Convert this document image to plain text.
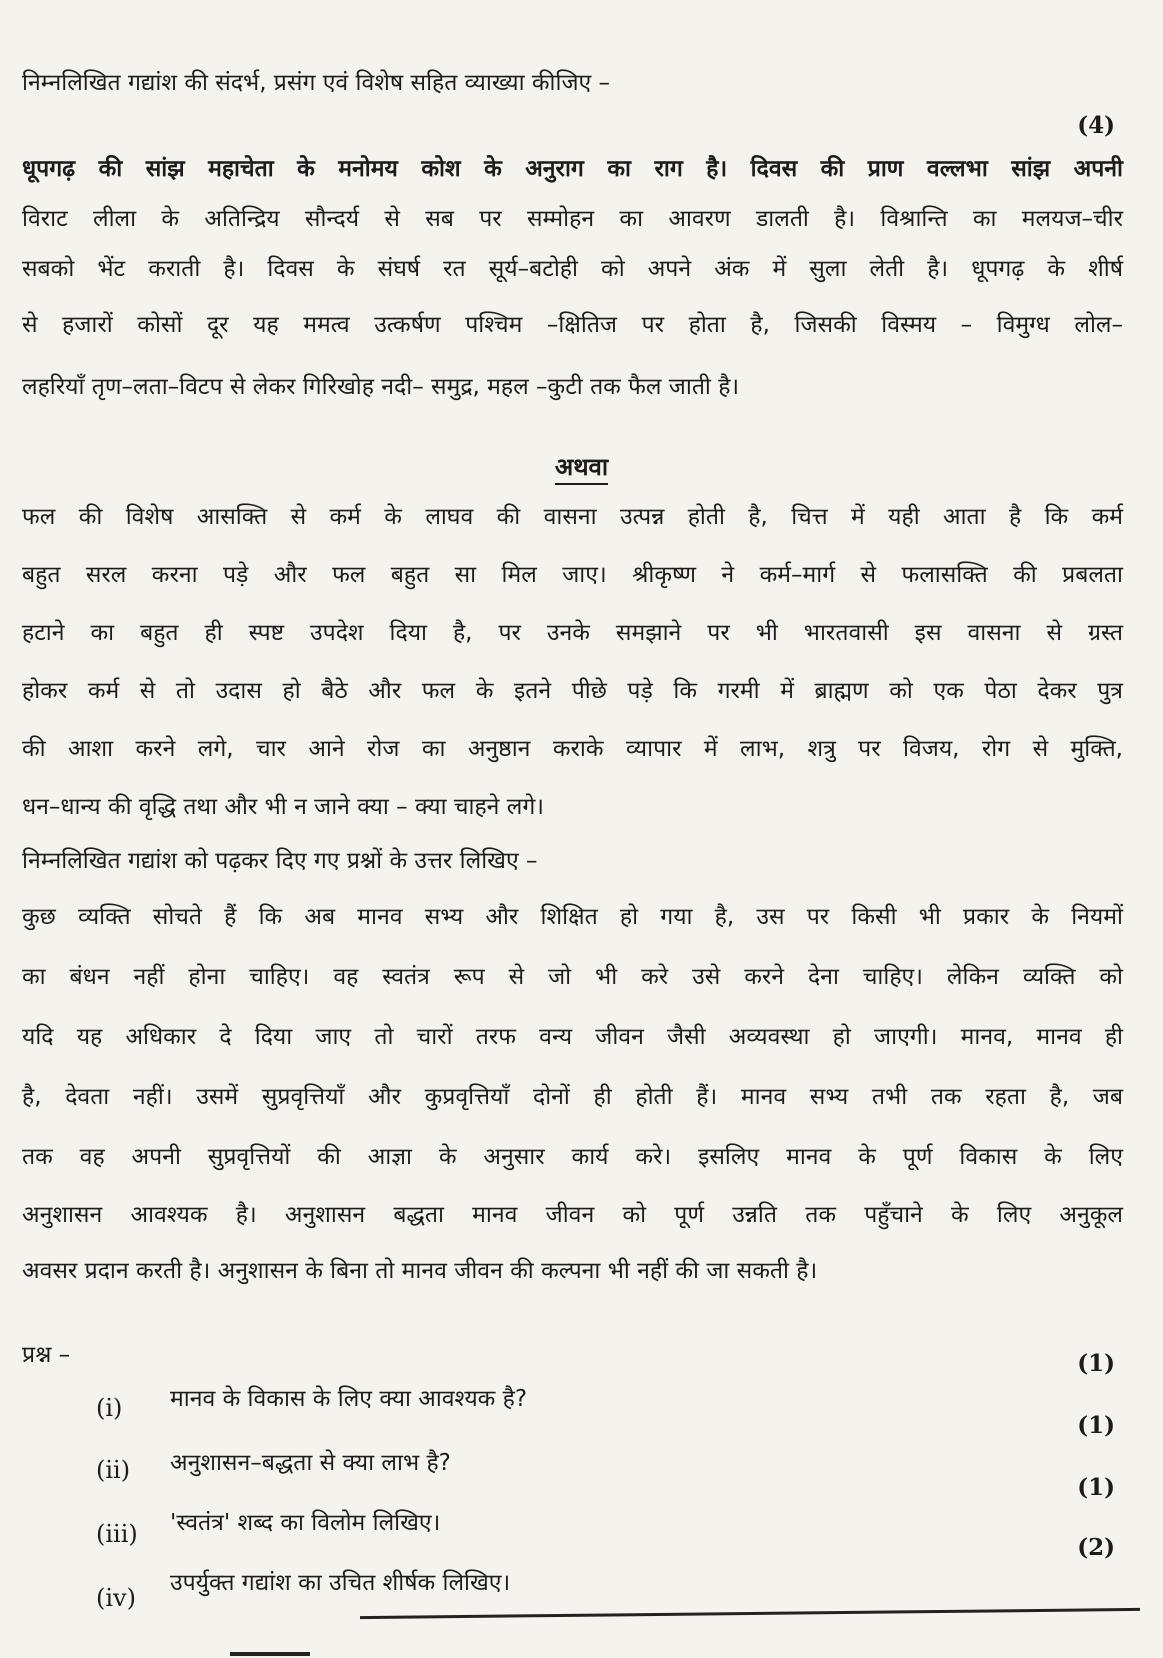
निम्नलिखित गद्यांश की संदर्भ, प्रसंग एवं विशेष सहित व्याख्या कीजिए –
(4)
धूपगढ़ की सांझ महाचेता के मनोमय कोश के अनुराग का राग है। दिवस की प्राण वल्लभा सांझ अपनी
विराट लीला के अतिन्द्रिय सौन्दर्य से सब पर सम्मोहन का आवरण डालती है। विश्रान्ति का मलयज–चीर
सबको भेंट कराती है। दिवस के संघर्ष रत सूर्य–बटोही को अपने अंक में सुला लेती है। धूपगढ़ के शीर्ष
से हजारों कोसों दूर यह ममत्व उत्कर्षण पश्चिम –क्षितिज पर होता है, जिसकी विस्मय – विमुग्ध लोल–
लहरियाँ तृण–लता–विटप से लेकर गिरिखोह नदी– समुद्र, महल –कुटी तक फैल जाती है।
अथवा
फल की विशेष आसक्ति से कर्म के लाघव की वासना उत्पन्न होती है, चित्त में यही आता है कि कर्म
बहुत सरल करना पड़े और फल बहुत सा मिल जाए। श्रीकृष्ण ने कर्म–मार्ग से फलासक्ति की प्रबलता
हटाने का बहुत ही स्पष्ट उपदेश दिया है, पर उनके समझाने पर भी भारतवासी इस वासना से ग्रस्त
होकर कर्म से तो उदास हो बैठे और फल के इतने पीछे पड़े कि गरमी में ब्राह्मण को एक पेठा देकर पुत्र
की आशा करने लगे, चार आने रोज का अनुष्ठान कराके व्यापार में लाभ, शत्रु पर विजय, रोग से मुक्ति,
धन–धान्य की वृद्धि तथा और भी न जाने क्या – क्या चाहने लगे।
निम्नलिखित गद्यांश को पढ़कर दिए गए प्रश्नों के उत्तर लिखिए –
कुछ व्यक्ति सोचते हैं कि अब मानव सभ्य और शिक्षित हो गया है, उस पर किसी भी प्रकार के नियमों
का बंधन नहीं होना चाहिए। वह स्वतंत्र रूप से जो भी करे उसे करने देना चाहिए। लेकिन व्यक्ति को
यदि यह अधिकार दे दिया जाए तो चारों तरफ वन्य जीवन जैसी अव्यवस्था हो जाएगी। मानव, मानव ही
है, देवता नहीं। उसमें सुप्रवृत्तियाँ और कुप्रवृत्तियाँ दोनों ही होती हैं। मानव सभ्य तभी तक रहता है, जब
तक वह अपनी सुप्रवृत्तियों की आज्ञा के अनुसार कार्य करे। इसलिए मानव के पूर्ण विकास के लिए
अनुशासन आवश्यक है। अनुशासन बद्धता मानव जीवन को पूर्ण उन्नति तक पहुँचाने के लिए अनुकूल
अवसर प्रदान करती है। अनुशासन के बिना तो मानव जीवन की कल्पना भी नहीं की जा सकती है।
प्रश्न –
(i) मानव के विकास के लिए क्या आवश्यक है?
(1)
(ii) अनुशासन–बद्धता से क्या लाभ है?
(1)
(iii) 'स्वतंत्र' शब्द का विलोम लिखिए।
(1)
(iv)
उपर्युक्त गद्यांश का उचित शीर्षक लिखिए।
(2)
